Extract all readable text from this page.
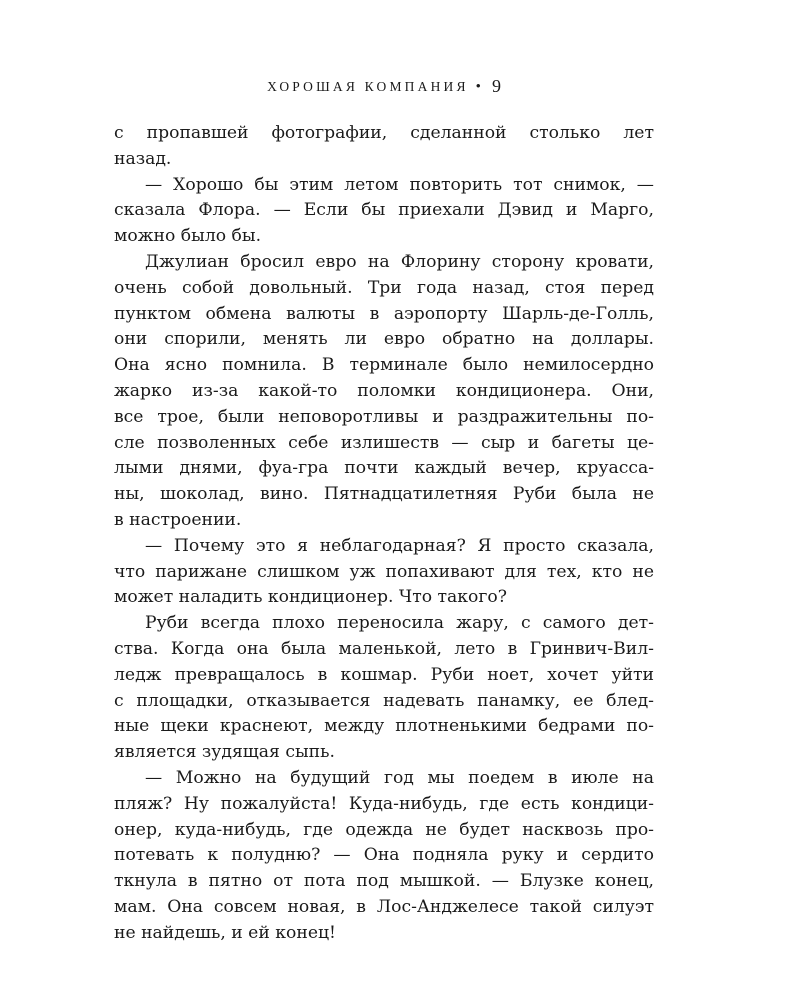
ХОРОШАЯ КОМПАНИЯ • 9
с пропавшей фотографии, сделанной столько лет
назад.
— Хорошо бы этим летом повторить тот снимок, —
сказала Флора. — Если бы приехали Дэвид и Марго,
можно было бы.
Джулиан бросил евро на Флорину сторону кровати,
очень собой довольный. Три года назад, стоя перед
пунктом обмена валюты в аэропорту Шарль-де-Голль,
они спорили, менять ли евро обратно на доллары.
Она ясно помнила. В терминале было немилосердно
жарко из-за какой-то поломки кондиционера. Они,
все трое, были неповоротливы и раздражительны по-
сле позволенных себе излишеств — сыр и багеты це-
лыми днями, фуа-гра почти каждый вечер, круасса-
ны, шоколад, вино. Пятнадцатилетняя Руби была не
в настроении.
— Почему это я неблагодарная? Я просто сказала,
что парижане слишком уж попахивают для тех, кто не
может наладить кондиционер. Что такого?
Руби всегда плохо переносила жару, с самого дет-
ства. Когда она была маленькой, лето в Гринвич-Вил-
ледж превращалось в кошмар. Руби ноет, хочет уйти
с площадки, отказывается надевать панамку, ее блед-
ные щеки краснеют, между плотненькими бедрами по-
является зудящая сыпь.
— Можно на будущий год мы поедем в июле на
пляж? Ну пожалуйста! Куда-нибудь, где есть кондици-
онер, куда-нибудь, где одежда не будет насквозь про-
потевать к полудню? — Она подняла руку и сердито
ткнула в пятно от пота под мышкой. — Блузке конец,
мам. Она совсем новая, в Лос-Анджелесе такой силуэт
не найдешь, и ей конец!
